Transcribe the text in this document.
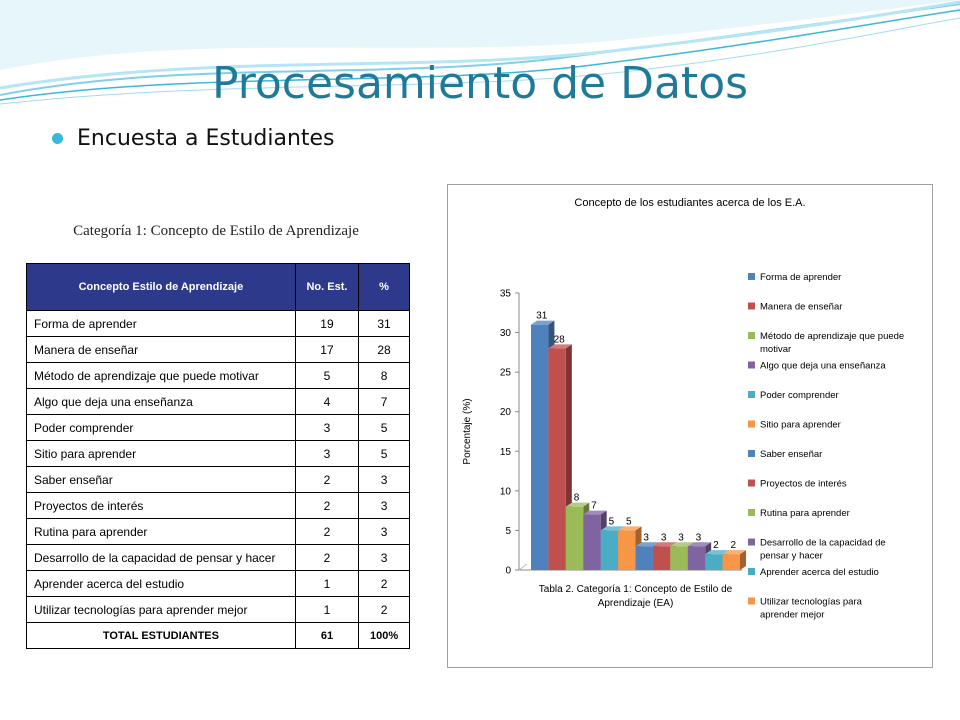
Procesamiento de Datos
Encuesta a Estudiantes
Categoría 1: Concepto de Estilo de Aprendizaje
Concepto Estilo de Aprendizaje	No. Est.	%
Forma de aprender	19	31
Manera de enseñar	17	28
Método de aprendizaje que puede motivar	5	8
Algo que deja una enseñanza	4	7
Poder comprender	3	5
Sitio para aprender	3	5
Saber enseñar	2	3
Proyectos de interés	2	3
Rutina para aprender	2	3
Desarrollo de la capacidad de pensar y hacer	2	3
Aprender acerca del estudio	1	2
Utilizar tecnologías para aprender mejor	1	2
TOTAL ESTUDIANTES	61	100%
Concepto de los estudiantes acerca de los E.A.
Porcentaje (%)
0
5
10
15
20
25
30
35
31
28
8
7
5 5
3 3 3 3
2 2
Tabla 2. Categoría 1: Concepto de Estilo de
Aprendizaje (EA)
Forma de aprender
Manera de enseñar
Método de aprendizaje que puede
motivar
Algo que deja una enseñanza
Poder comprender
Sitio para aprender
Saber enseñar
Proyectos de interés
Rutina para aprender
Desarrollo de la capacidad de
pensar y hacer
Aprender acerca del estudio
Utilizar tecnologías para
aprender mejor
